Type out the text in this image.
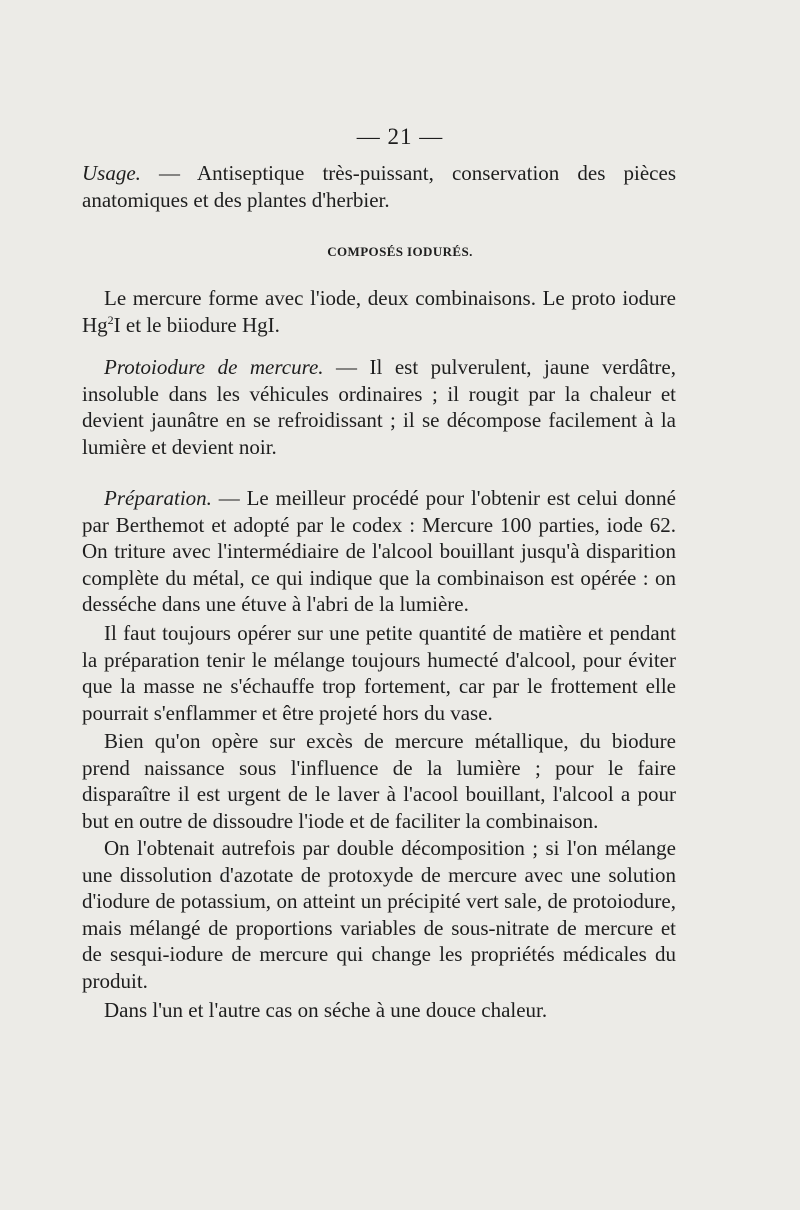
— 21 —

Usage. — Antiseptique très-puissant, conservation des pièces anatomiques et des plantes d'herbier.

COMPOSÉS IODURÉS.

Le mercure forme avec l'iode, deux combinaisons. Le proto iodure Hg$^2$I et le biiodure HgI.

Protoiodure de mercure. — Il est pulverulent, jaune verdâtre, insoluble dans les véhicules ordinaires ; il rougit par la chaleur et devient jaunâtre en se refroidissant ; il se décompose facilement à la lumière et devient noir.

Préparation. — Le meilleur procédé pour l'obtenir est celui donné par Berthemot et adopté par le codex : Mercure 100 parties, iode 62. On triture avec l'intermédiaire de l'alcool bouillant jusqu'à disparition complète du métal, ce qui indique que la combinaison est opérée : on desséche dans une étuve à l'abri de la lumière.

Il faut toujours opérer sur une petite quantité de matière et pendant la préparation tenir le mélange toujours humecté d'alcool, pour éviter que la masse ne s'échauffe trop fortement, car par le frottement elle pourrait s'enflammer et être projeté hors du vase.

Bien qu'on opère sur excès de mercure métallique, du biodure prend naissance sous l'influence de la lumière ; pour le faire disparaître il est urgent de le laver à l'acool bouillant, l'alcool a pour but en outre de dissoudre l'iode et de faciliter la combinaison.

On l'obtenait autrefois par double décomposition ; si l'on mélange une dissolution d'azotate de protoxyde de mercure avec une solution d'iodure de potassium, on atteint un précipité vert sale, de protoiodure, mais mélangé de proportions variables de sous-nitrate de mercure et de sesqui-iodure de mercure qui change les propriétés médicales du produit.

Dans l'un et l'autre cas on séche à une douce chaleur.
